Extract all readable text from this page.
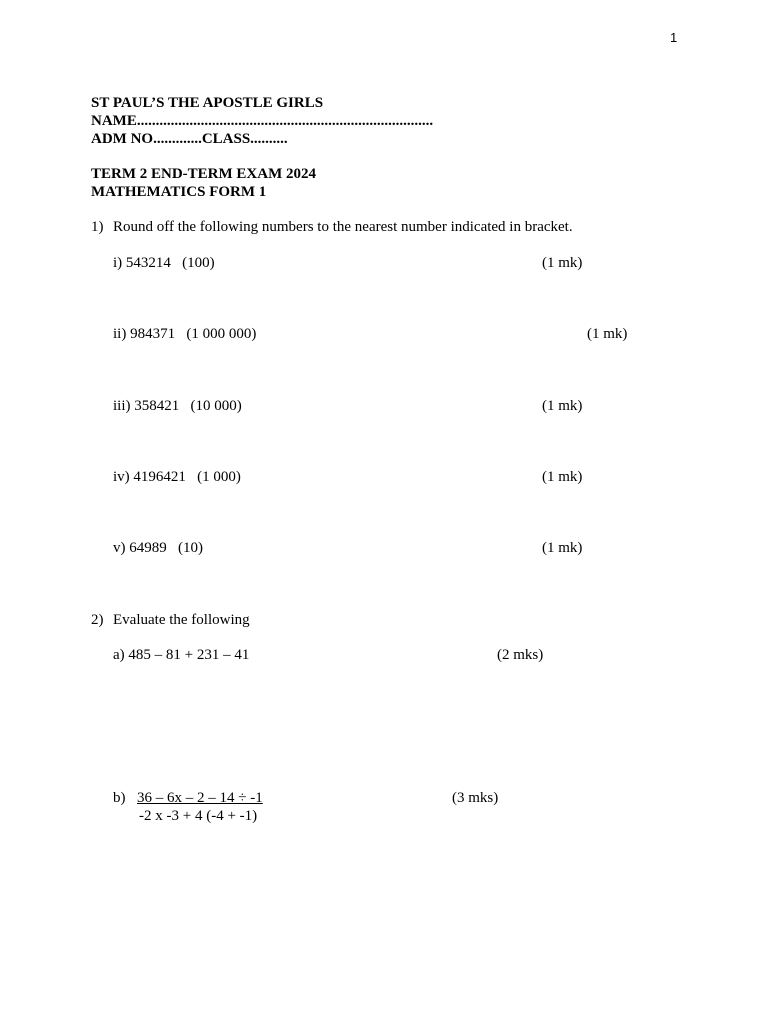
1
ST PAUL’S THE APOSTLE GIRLS
NAME...............................................................................
ADM NO.............CLASS..........
TERM 2 END-TERM EXAM 2024
MATHEMATICS FORM 1
1) Round off the following numbers to the nearest number indicated in bracket.
i) 543214   (100)	(1 mk)
ii) 984371   (1 000 000)	(1 mk)
iii) 358421   (10 000)	(1 mk)
iv) 4196421   (1 000)	(1 mk)
v) 64989   (10)	(1 mk)
2) Evaluate the following
a) 485 – 81 + 231 – 41	(2 mks)
b) 36 – 6x – 2 – 14 ÷ -1
-2 x -3 + 4 (-4 + -1)
(3 mks)
